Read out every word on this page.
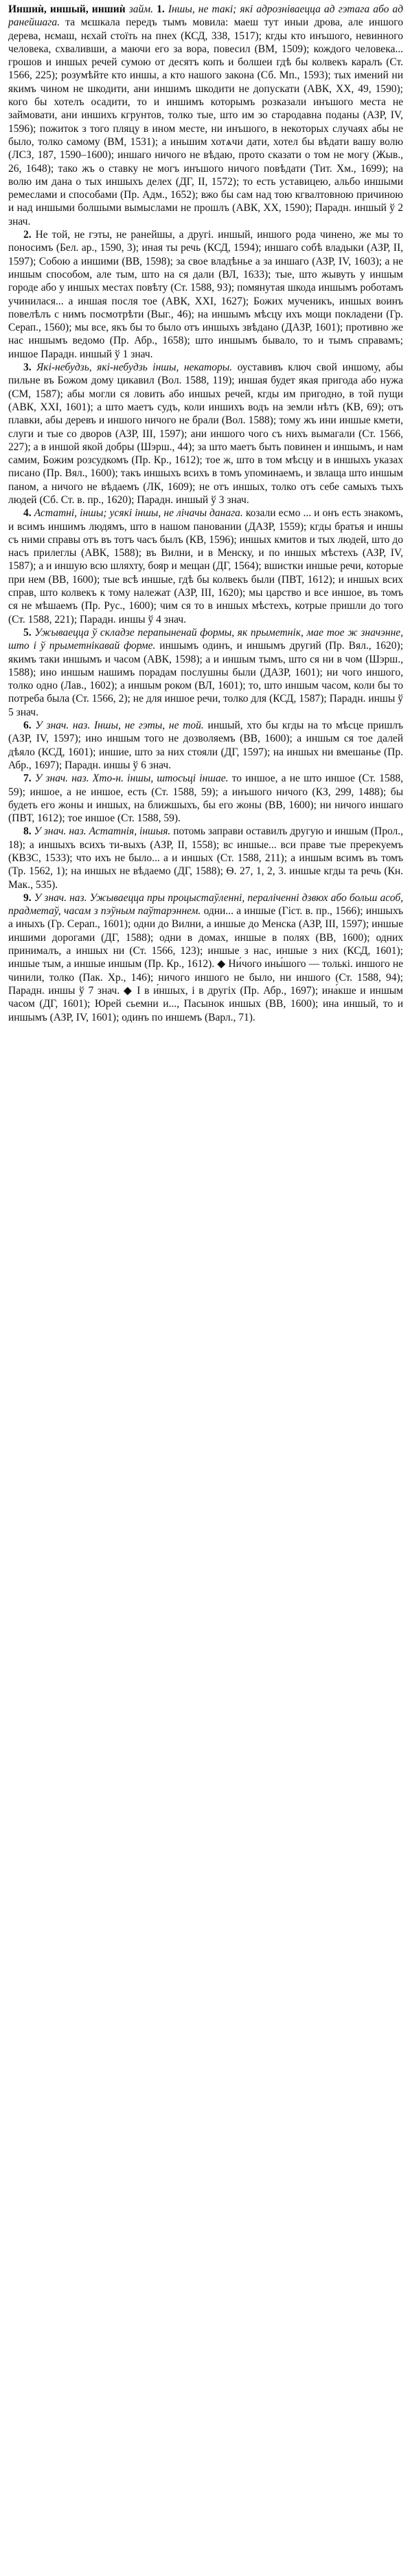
Иншиѝ, иншый, иншиѝ займ. 1. Іншы, не такі; які адрозніваецца ад гэтага або ад ранейшага. та мєшкала передъ тымъ мовила: маеш тут иныи дрова, але иншого дерева, нємаш, нєхай стоїть на пнех (КСД, 338, 1517); кгды кто инъшого, невинного человека, схваливши, а маючи его за вора, повесил (ВМ, 1509); кождого человека... грошов и иншых речей сумою от десятъ копъ и болшеи гдѣ бы колвекъ каралъ (Ст. 1566, 225); розумѣйте кто иншы, а кто нашого закона (Сб. Мп., 1593); тых имений ни якимъ чином не шкодити, ани иншимъ шкодити не допускати (АВК, XX, 49, 1590); кого бы хотелъ осадити, то и иншимъ которымъ розказали инъшого места не займовати, ани иншихъ кгрунтов, толко тые, што им зо стародавна поданы (АЗР, IV, 1596); пожиток з того пляцу в ином месте, ни инъшого, в некоторых случаях абы не было, толко самому (ВМ, 1531); а иньшим хотѧчи дати, хотел бы вѣдати вашу волю (ЛСЗ, 187, 1590–1600); иншаго ничого не вѣдаю, прото сказати о том не могу (Жыв., 26, 1648); тако жъ о ставку не могъ инъшого ничого повѣдати (Тит. Хм., 1699); на волю им дана о тых иншыхъ делех (ДГ, II, 1572); то есть уставицею, альбо иншыми ремеслами и способами (Пр. Адм., 1652); вжо бы сам над тою кгвалтовною причиною и над иншыми болшыми вымыслами не прошлъ (АВК, XX, 1590); Парадн. иншый ў 2 знач.

2. Не той, не гэты, не ранейшы, а другі. иншый, иншого рода чинено, же мы то поносимъ (Бел. ар., 1590, 3); иная ты речь (КСД, 1594); иншаго собѣ владыки (АЗР, II, 1597); Собою а иншими (ВВ, 1598); за свое владѣнье а за иншаго (АЗР, IV, 1603); а не иншым способом, але тым, што на ся дали (ВЛ, 1633); тые, што жывуть у иншым городе або у иншых местах повѣту (Ст. 1588, 93); помянутая шкода иншымъ роботамъ учинилася... а иншая посля тое (АВК, XXI, 1627); Божих мученикъ, иншых воинъ повелѣлъ с нимъ посмотрѣти (Выг., 46); на иншымъ мѣсцу ихъ мощи покладени (Гр. Серап., 1560); мы все, якъ бы то было отъ иншыхъ звѣдано (ДАЗР, 1601); противно же нас иншымъ ведомо (Пр. Абр., 1658); што иншымъ бывало, то и тымъ справамъ; иншое Парадн. иншый ў 1 знач.

3. Які-небудзь, які-небудзь іншы, некаторы. оуставивъ ключ свой иншому, абы пильне въ Божом дому цикавил (Вол. 1588, 119); иншая будет якая пригода або нужа (СМ, 1587); абы могли ся ловить або иншых речей, кгды им пригодно, в той пущи (АВК, XXI, 1601); а што маетъ судъ, коли иншихъ водъ на земли нѣтъ (КВ, 69); отъ плавки, абы деревъ и иншого ничого не брали (Вол. 1588); тому жъ ини иншые кмети, слуги и тые со дворов (АЗР, III, 1597); ани иншого чого съ нихъ вымагали (Ст. 1566, 227); а в иншой якой добры (Шэрш., 44); за што маетъ быть повинен и иншымъ, и нам самим, Божим розсудкомъ (Пр. Кр., 1612); тое ж, што в том мѣсцу и в иншыхъ указах писано (Пр. Вял., 1600); такъ иншыхъ всихъ в томъ упоминаемъ, и звлаща што иншым паном, а ничого не вѣдаемъ (ЛК, 1609); не отъ иншых, толко отъ себе самыхъ тыхъ людей (Сб. Ст. в. пр., 1620); Парадн. иншый ў 3 знач.

4. Астатні, іншы; усякі іншы, не лічачы данага. козали есмо ... и онъ есть знакомъ, и всимъ иншимъ людямъ, што в нашом пановании (ДАЗР, 1559); кгды братья и иншы съ ними справы отъ въ тотъ часъ былъ (КВ, 1596); иншых кмитов и тых людей, што до насъ прилеглы (АВК, 1588); въ Вилни, и в Менску, и по иншых мѣстехъ (АЗР, IV, 1587); а и иншую всю шляхту, бояр и мещан (ДГ, 1564); вшистки иншые речи, которые при нем (ВВ, 1600); тые всѣ иншые, гдѣ бы колвекъ были (ПВТ, 1612); и иншых всих справ, што колвекъ к тому належат (АЗР, III, 1620); мы царство и все иншое, въ томъ ся не мѣшаемъ (Пр. Рус., 1600); чим ся то в иншых мѣстехъ, котрые пришли до того (Ст. 1588, 221); Парадн. иншы ў 4 знач.

5. Ужываецца ў складзе перапыненай формы, як прыметнік, мае тое ж значэнне, што і ў прыметнікавай форме. иншымъ одинъ, и иншымъ другий (Пр. Вял., 1620); якимъ таки иншымъ и часом (АВК, 1598); а и иншым тымъ, што ся ни в чом (Шэрш., 1588); ино иншым нашимъ порадам послушны были (ДАЗР, 1601); ни чого иншого, толко одно (Лав., 1602); а иншым роком (ВЛ, 1601); то, што иншым часом, коли бы то потреба была (Ст. 1566, 2); не для иншое речи, толко для (КСД, 1587); Парадн. иншы ў 5 знач.

6. У знач. наз. Іншы, не гэты, не той. иншый, хто бы кгды на то мѣсце пришлъ (АЗР, IV, 1597); ино иншым того не дозволяемъ (ВВ, 1600); а иншым ся тое далей дѣяло (КСД, 1601); иншие, што за них стояли (ДГ, 1597); на иншых ни вмешанье (Пр. Абр., 1697); Парадн. иншы ў 6 знач.

7. У знач. наз. Хто-н. іншы, штосьці іншае. то иншое, а не што иншое (Ст. 1588, 59); иншое, а не иншое, есть (Ст. 1588, 59); а инъшого ничого (КЗ, 299, 1488); бы будеть его жоны и иншых, на ближшыхъ, бы его жоны (ВВ, 1600); ни ничого иншаго (ПВТ, 1612); тое иншое (Ст. 1588, 59).

8. У знач. наз. Астатнія, іншыя. потомь заправи оставилъ другую и иншым (Прол., 18); а иншыхъ всихъ ти-выхъ (АЗР, II, 1558); вс иншые... вси праве тые пререкуемъ (КВЗС, 1533); что ихъ не было... а и иншых (Ст. 1588, 211); а иншым всимъ въ томъ (Тр. 1562, 1); на иншых не вѣдаемо (ДГ, 1588); Ѳ. 27, 1, 2, 3. иншые кгды та речь (Кн. Мак., 535).

9. У знач. наз. Ужываецца пры процыстаўленні, пераліченні дзвюх або больш асоб, прадметаў, часам з пэўным паўтарэннем. одни... а иншые (Гіст. в. пр., 1566); иншыхъ а иныхъ (Гр. Серап., 1601); одни до Вилни, а иншые до Менска (АЗР, III, 1597); иншые иншими дорогами (ДГ, 1588); одни в домах, иншые в полях (ВВ, 1600); одних принималъ, а иншых ни (Ст. 1566, 123); иншые з нас, иншые з них (КСД, 1601); иншые тым, а иншые иншым (Пр. Кр., 1612). ◆ Ни́чого ины́шого — толькі. иншого не чинили, толко (Пак. Хр., 146); ничого иншого не было, ни иншого (Ст. 1588, 94); Парадн. иншы ў 7 знач. ◆ І в и́ншых, і в другіх (Пр. Абр., 1697); ина́кше и иншым часом (ДГ, 1601); Юрей сьемни и..., Пасынок иншых (ВВ, 1600); ина иншый, то и иншымъ (АЗР, IV, 1601); одинъ по иншемъ (Варл., 71).
